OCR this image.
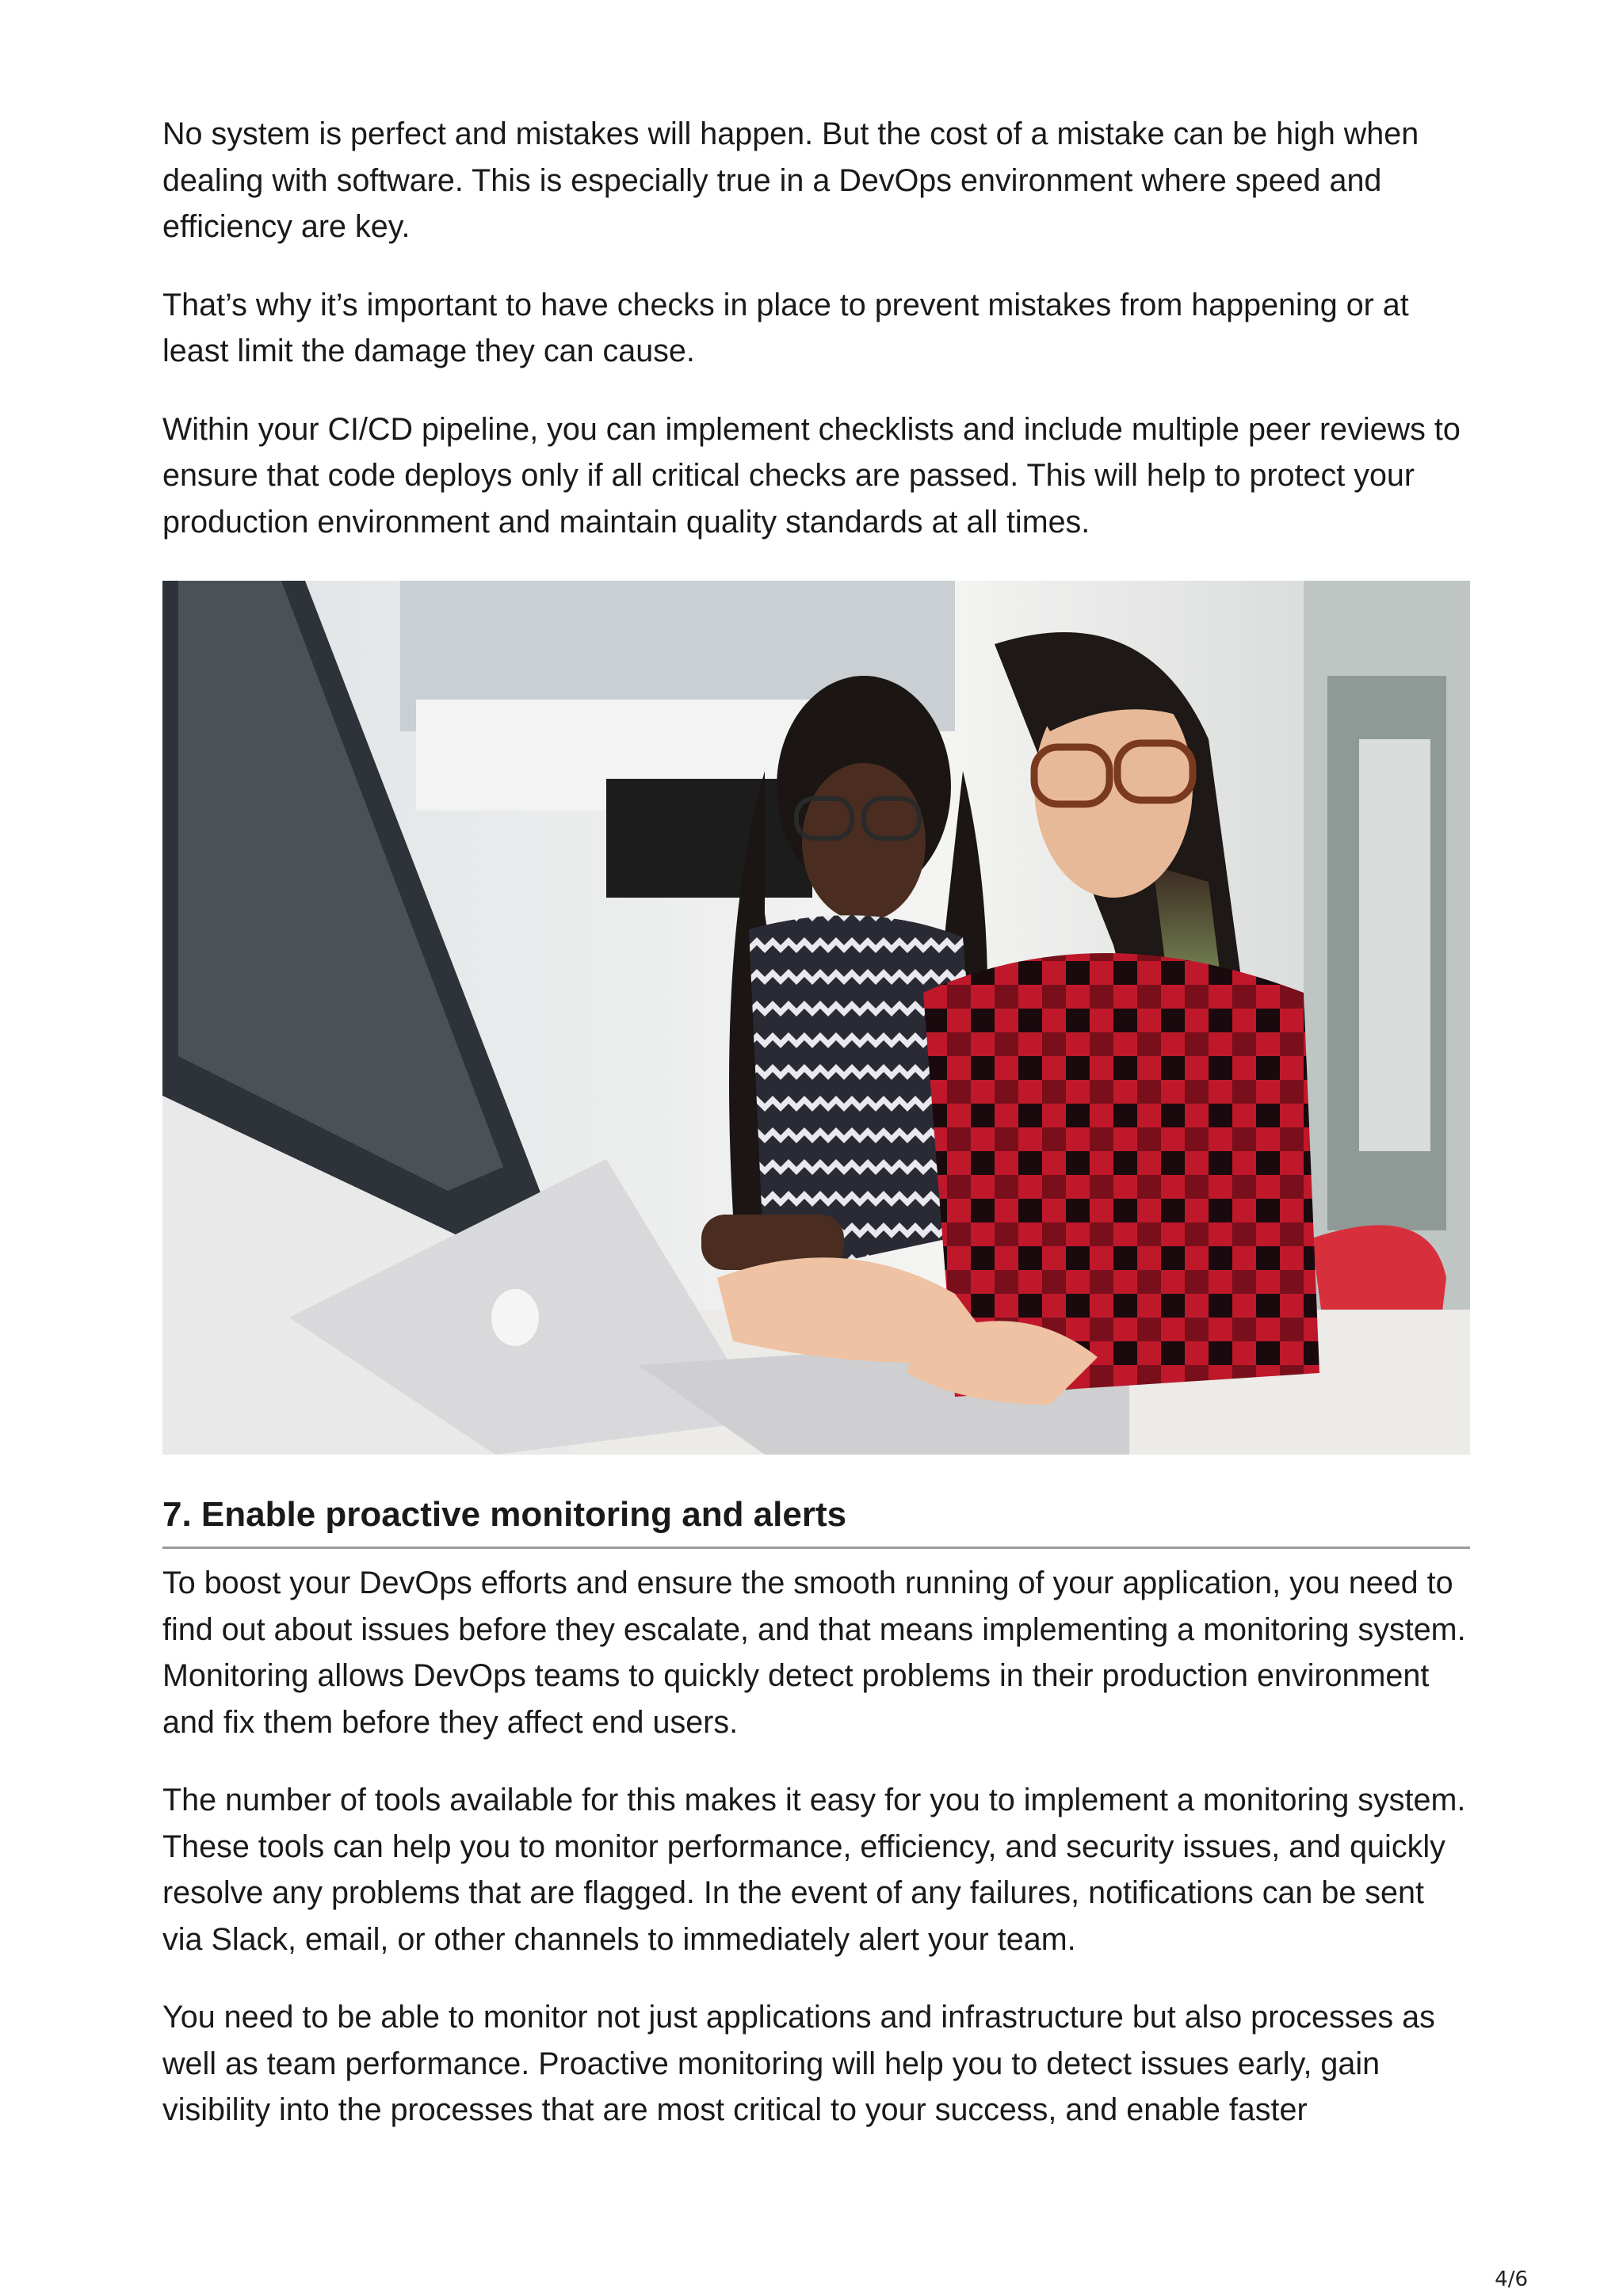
No system is perfect and mistakes will happen. But the cost of a mistake can be high when dealing with software. This is especially true in a DevOps environment where speed and efficiency are key.

That’s why it’s important to have checks in place to prevent mistakes from happening or at least limit the damage they can cause.

Within your CI/CD pipeline, you can implement checklists and include multiple peer reviews to ensure that code deploys only if all critical checks are passed. This will help to protect your production environment and maintain quality standards at all times.

7. Enable proactive monitoring and alerts

To boost your DevOps efforts and ensure the smooth running of your application, you need to find out about issues before they escalate, and that means implementing a monitoring system. Monitoring allows DevOps teams to quickly detect problems in their production environment and fix them before they affect end users.

The number of tools available for this makes it easy for you to implement a monitoring system. These tools can help you to monitor performance, efficiency, and security issues, and quickly resolve any problems that are flagged. In the event of any failures, notifications can be sent via Slack, email, or other channels to immediately alert your team.

You need to be able to monitor not just applications and infrastructure but also processes as well as team performance. Proactive monitoring will help you to detect issues early, gain visibility into the processes that are most critical to your success, and enable faster

4/6
